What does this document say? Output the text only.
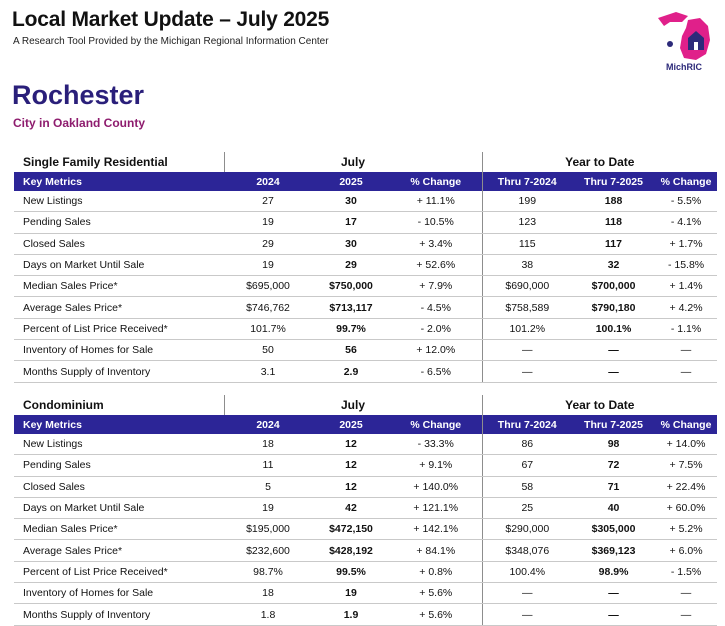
Local Market Update – July 2025
A Research Tool Provided by the Michigan Regional Information Center
MichRIC
Rochester
City in Oakland County
Single Family Residential	July			Year to Date		
Key Metrics	2024	2025	% Change	Thru 7-2024	Thru 7-2025	% Change
New Listings	27	30	+ 11.1%	199	188	- 5.5%
Pending Sales	19	17	- 10.5%	123	118	- 4.1%
Closed Sales	29	30	+ 3.4%	115	117	+ 1.7%
Days on Market Until Sale	19	29	+ 52.6%	38	32	- 15.8%
Median Sales Price*	$695,000	$750,000	+ 7.9%	$690,000	$700,000	+ 1.4%
Average Sales Price*	$746,762	$713,117	- 4.5%	$758,589	$790,180	+ 4.2%
Percent of List Price Received*	101.7%	99.7%	- 2.0%	101.2%	100.1%	- 1.1%
Inventory of Homes for Sale	50	56	+ 12.0%	—	—	—
Months Supply of Inventory	3.1	2.9	- 6.5%	—	—	—
Condominium	July			Year to Date		
Key Metrics	2024	2025	% Change	Thru 7-2024	Thru 7-2025	% Change
New Listings	18	12	- 33.3%	86	98	+ 14.0%
Pending Sales	11	12	+ 9.1%	67	72	+ 7.5%
Closed Sales	5	12	+ 140.0%	58	71	+ 22.4%
Days on Market Until Sale	19	42	+ 121.1%	25	40	+ 60.0%
Median Sales Price*	$195,000	$472,150	+ 142.1%	$290,000	$305,000	+ 5.2%
Average Sales Price*	$232,600	$428,192	+ 84.1%	$348,076	$369,123	+ 6.0%
Percent of List Price Received*	98.7%	99.5%	+ 0.8%	100.4%	98.9%	- 1.5%
Inventory of Homes for Sale	18	19	+ 5.6%	—	—	—
Months Supply of Inventory	1.8	1.9	+ 5.6%	—	—	—
